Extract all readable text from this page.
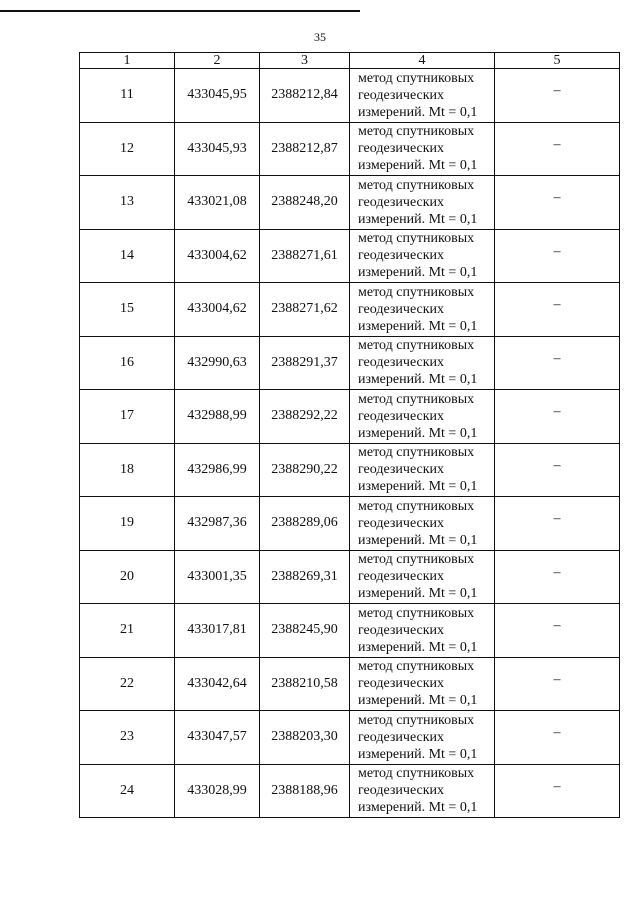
35
1	2	3	4	5
11	433045,95	2388212,84	метод спутниковых
геодезических
измерений. Mt = 0,1	–
12	433045,93	2388212,87	метод спутниковых
геодезических
измерений. Mt = 0,1	–
13	433021,08	2388248,20	метод спутниковых
геодезических
измерений. Mt = 0,1	–
14	433004,62	2388271,61	метод спутниковых
геодезических
измерений. Mt = 0,1	–
15	433004,62	2388271,62	метод спутниковых
геодезических
измерений. Mt = 0,1	–
16	432990,63	2388291,37	метод спутниковых
геодезических
измерений. Mt = 0,1	–
17	432988,99	2388292,22	метод спутниковых
геодезических
измерений. Mt = 0,1	–
18	432986,99	2388290,22	метод спутниковых
геодезических
измерений. Mt = 0,1	–
19	432987,36	2388289,06	метод спутниковых
геодезических
измерений. Mt = 0,1	–
20	433001,35	2388269,31	метод спутниковых
геодезических
измерений. Mt = 0,1	–
21	433017,81	2388245,90	метод спутниковых
геодезических
измерений. Mt = 0,1	–
22	433042,64	2388210,58	метод спутниковых
геодезических
измерений. Mt = 0,1	–
23	433047,57	2388203,30	метод спутниковых
геодезических
измерений. Mt = 0,1	–
24	433028,99	2388188,96	метод спутниковых
геодезических
измерений. Mt = 0,1	–
